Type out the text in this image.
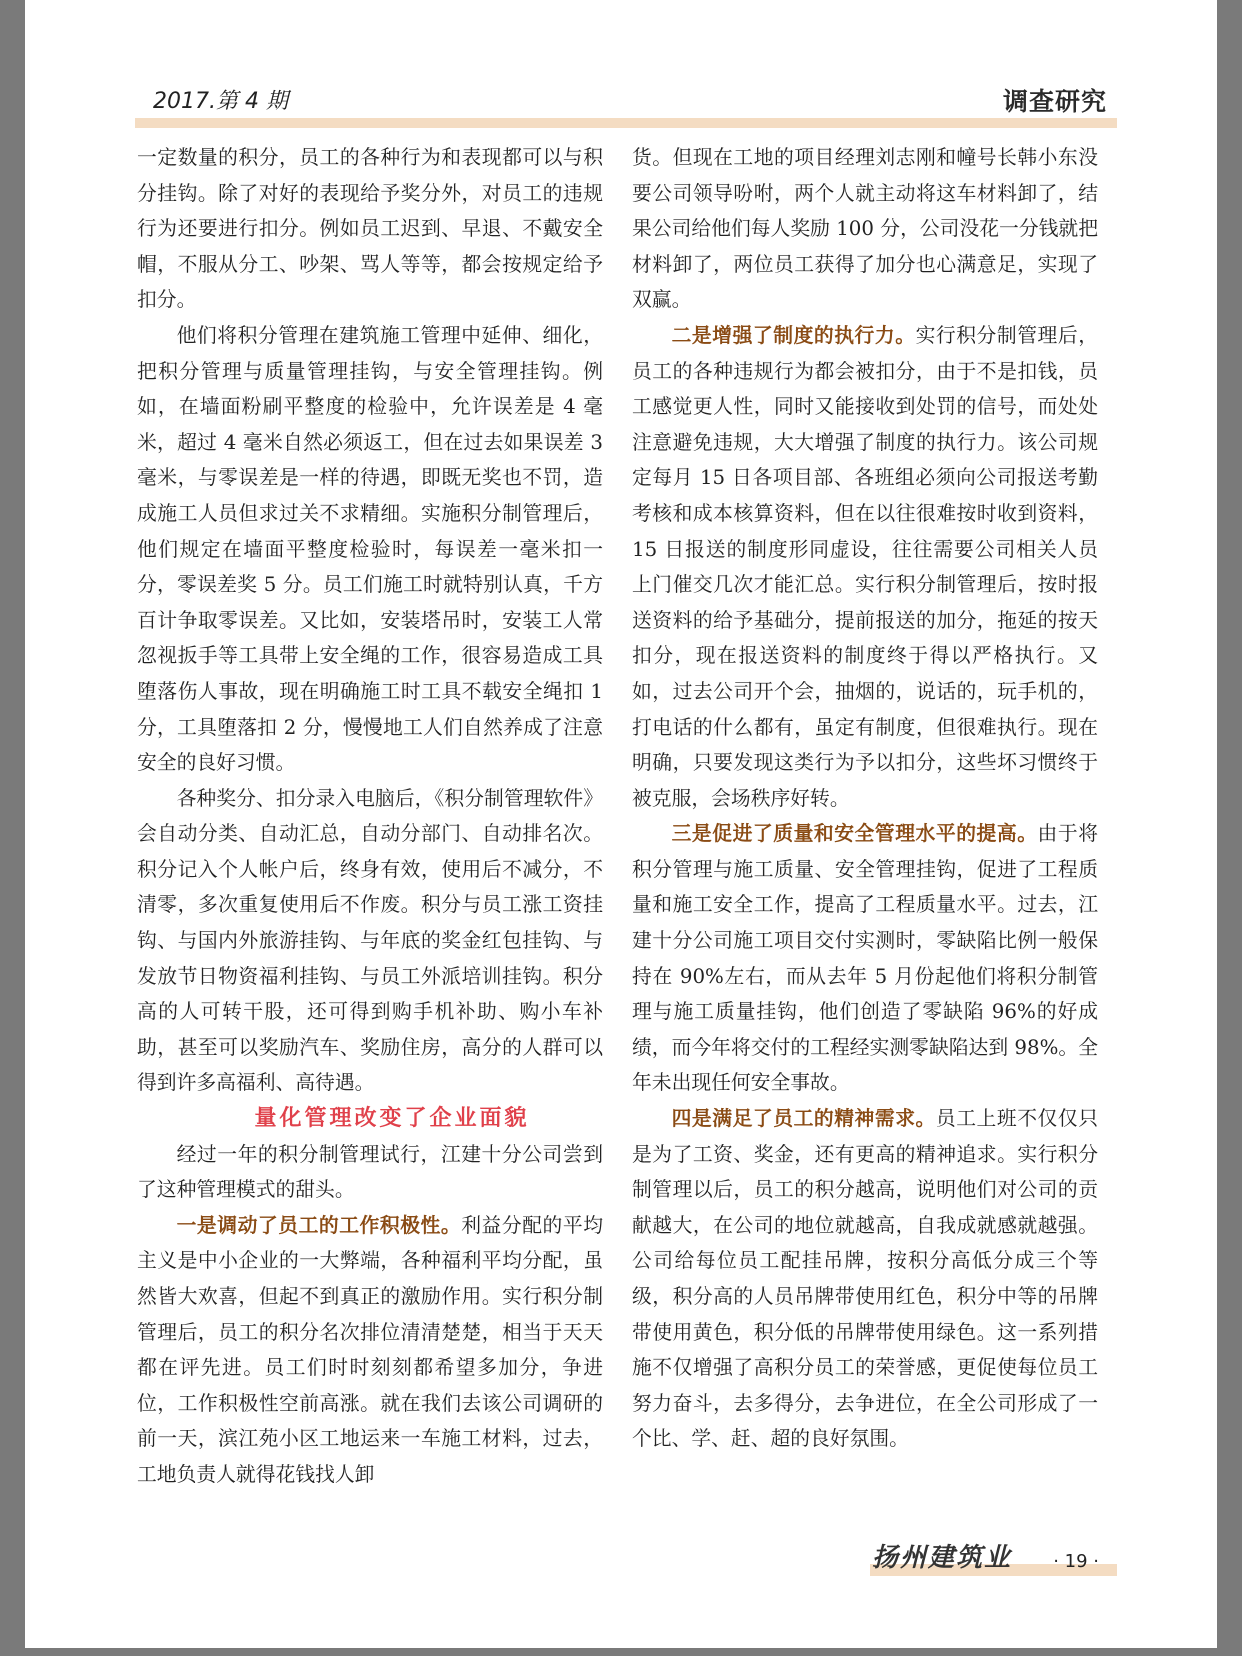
2017.第 4 期	调查研究

一定数量的积分，员工的各种行为和表现都可以与积分挂钩。除了对好的表现给予奖分外，对员工的违规行为还要进行扣分。例如员工迟到、早退、不戴安全帽，不服从分工、吵架、骂人等等，都会按规定给予扣分。

他们将积分管理在建筑施工管理中延伸、细化，把积分管理与质量管理挂钩，与安全管理挂钩。例如，在墙面粉刷平整度的检验中，允许误差是 4 毫米，超过 4 毫米自然必须返工，但在过去如果误差 3 毫米，与零误差是一样的待遇，即既无奖也不罚，造成施工人员但求过关不求精细。实施积分制管理后，他们规定在墙面平整度检验时，每误差一毫米扣一分，零误差奖 5 分。员工们施工时就特别认真，千方百计争取零误差。又比如，安装塔吊时，安装工人常忽视扳手等工具带上安全绳的工作，很容易造成工具堕落伤人事故，现在明确施工时工具不载安全绳扣 1 分，工具堕落扣 2 分，慢慢地工人们自然养成了注意安全的良好习惯。

各种奖分、扣分录入电脑后，《积分制管理软件》会自动分类、自动汇总，自动分部门、自动排名次。积分记入个人帐户后，终身有效，使用后不减分，不清零，多次重复使用后不作废。积分与员工涨工资挂钩、与国内外旅游挂钩、与年底的奖金红包挂钩、与发放节日物资福利挂钩、与员工外派培训挂钩。积分高的人可转干股，还可得到购手机补助、购小车补助，甚至可以奖励汽车、奖励住房，高分的人群可以得到许多高福利、高待遇。

量化管理改变了企业面貌

经过一年的积分制管理试行，江建十分公司尝到了这种管理模式的甜头。

一是调动了员工的工作积极性。利益分配的平均主义是中小企业的一大弊端，各种福利平均分配，虽然皆大欢喜，但起不到真正的激励作用。实行积分制管理后，员工的积分名次排位清清楚楚，相当于天天都在评先进。员工们时时刻刻都希望多加分，争进位，工作积极性空前高涨。就在我们去该公司调研的前一天，滨江苑小区工地运来一车施工材料，过去，工地负责人就得花钱找人卸

货。但现在工地的项目经理刘志刚和幢号长韩小东没要公司领导吩咐，两个人就主动将这车材料卸了，结果公司给他们每人奖励 100 分，公司没花一分钱就把材料卸了，两位员工获得了加分也心满意足，实现了双赢。

二是增强了制度的执行力。实行积分制管理后，员工的各种违规行为都会被扣分，由于不是扣钱，员工感觉更人性，同时又能接收到处罚的信号，而处处注意避免违规，大大增强了制度的执行力。该公司规定每月 15 日各项目部、各班组必须向公司报送考勤考核和成本核算资料，但在以往很难按时收到资料，15 日报送的制度形同虚设，往往需要公司相关人员上门催交几次才能汇总。实行积分制管理后，按时报送资料的给予基础分，提前报送的加分，拖延的按天扣分，现在报送资料的制度终于得以严格执行。又如，过去公司开个会，抽烟的，说话的，玩手机的，打电话的什么都有，虽定有制度，但很难执行。现在明确，只要发现这类行为予以扣分，这些坏习惯终于被克服，会场秩序好转。

三是促进了质量和安全管理水平的提高。由于将积分管理与施工质量、安全管理挂钩，促进了工程质量和施工安全工作，提高了工程质量水平。过去，江建十分公司施工项目交付实测时，零缺陷比例一般保持在 90%左右，而从去年 5 月份起他们将积分制管理与施工质量挂钩，他们创造了零缺陷 96%的好成绩，而今年将交付的工程经实测零缺陷达到 98%。全年未出现任何安全事故。

四是满足了员工的精神需求。员工上班不仅仅只是为了工资、奖金，还有更高的精神追求。实行积分制管理以后，员工的积分越高，说明他们对公司的贡献越大，在公司的地位就越高，自我成就感就越强。公司给每位员工配挂吊牌，按积分高低分成三个等级，积分高的人员吊牌带使用红色，积分中等的吊牌带使用黄色，积分低的吊牌带使用绿色。这一系列措施不仅增强了高积分员工的荣誉感，更促使每位员工努力奋斗，去多得分，去争进位，在全公司形成了一个比、学、赶、超的良好氛围。

扬州建筑业 · 19 ·
